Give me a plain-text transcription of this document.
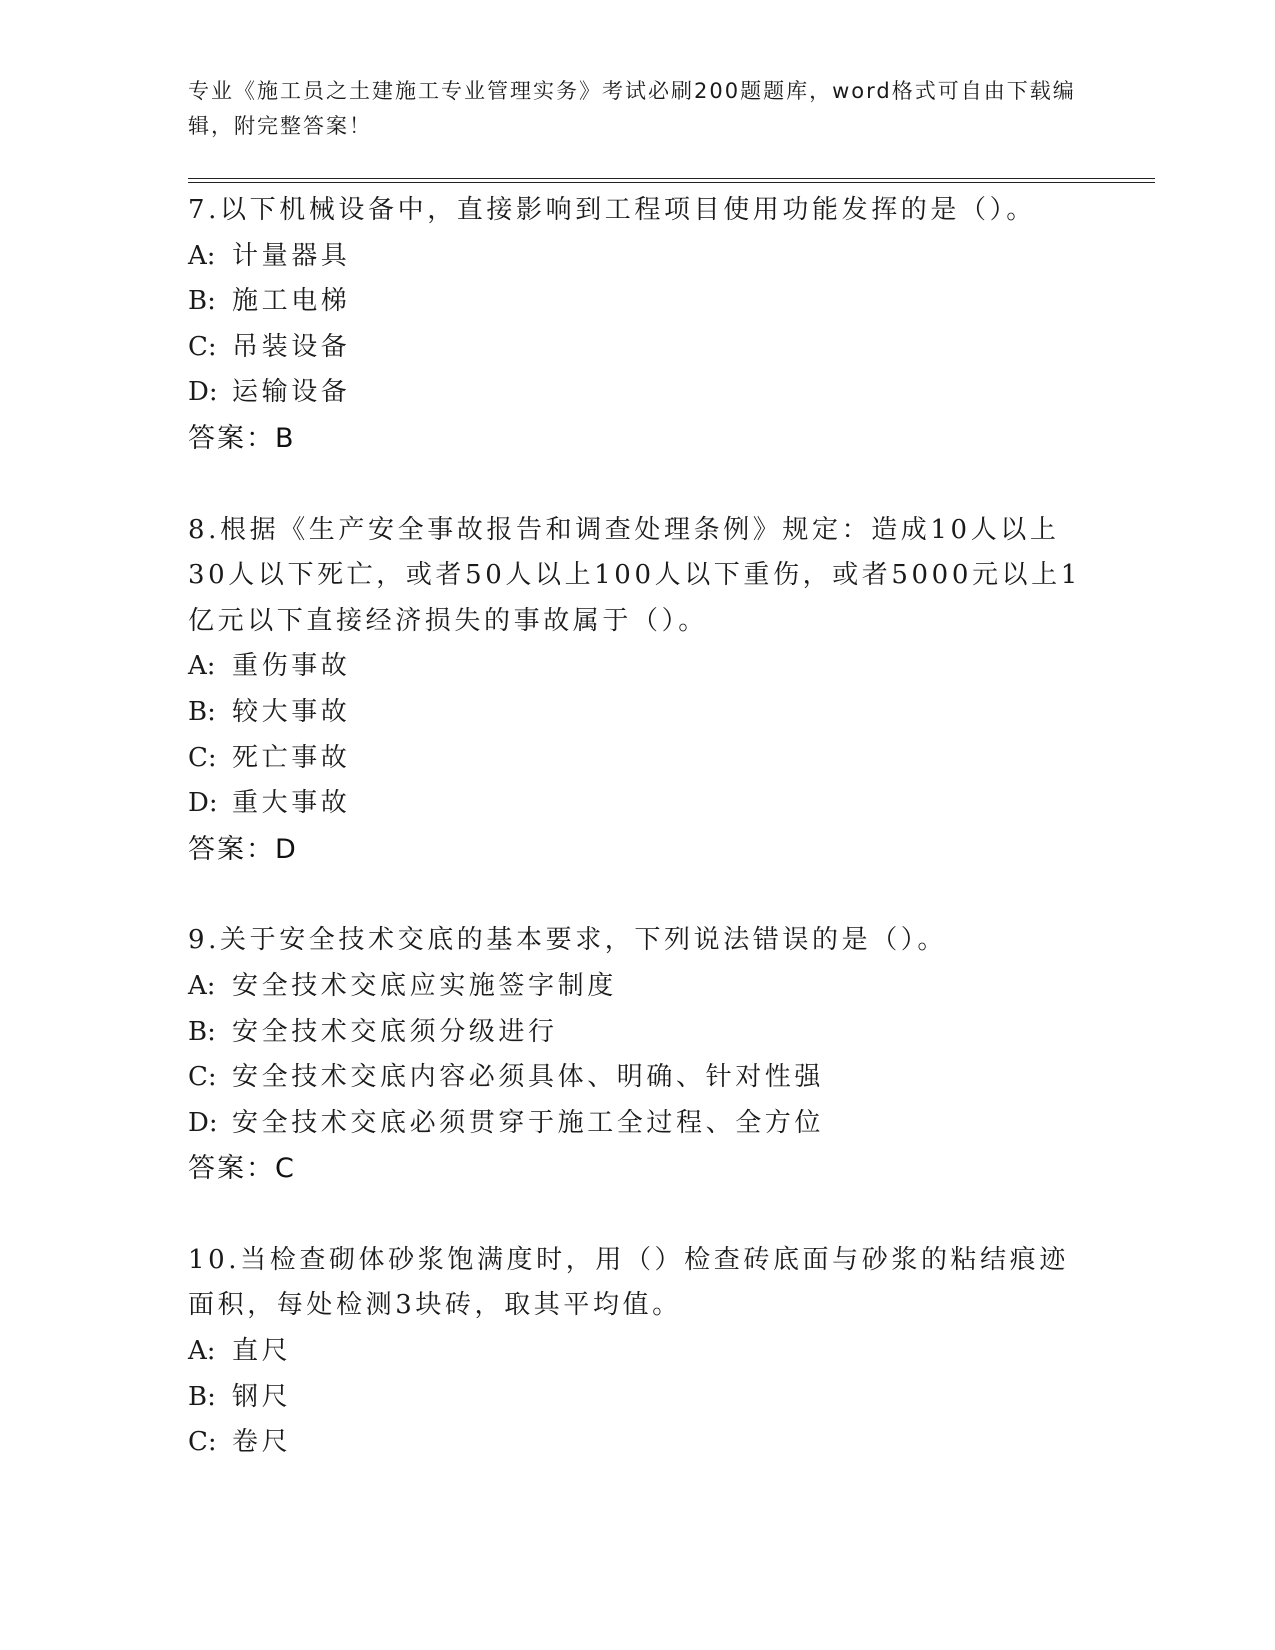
专业《施工员之土建施工专业管理实务》考试必刷200题题库，word格式可自由下载编辑，附完整答案！

7.以下机械设备中，直接影响到工程项目使用功能发挥的是（）。

A: 计量器具

B: 施工电梯

C: 吊装设备

D: 运输设备

答案：B

8.根据《生产安全事故报告和调查处理条例》规定：造成10人以上30人以下死亡，或者50人以上100人以下重伤，或者5000元以上1亿元以下直接经济损失的事故属于（）。

A: 重伤事故

B: 较大事故

C: 死亡事故

D: 重大事故

答案：D

9.关于安全技术交底的基本要求，下列说法错误的是（）。

A: 安全技术交底应实施签字制度

B: 安全技术交底须分级进行

C: 安全技术交底内容必须具体、明确、针对性强

D: 安全技术交底必须贯穿于施工全过程、全方位

答案：C

10.当检查砌体砂浆饱满度时，用（）检查砖底面与砂浆的粘结痕迹面积，每处检测3块砖，取其平均值。

A: 直尺

B: 钢尺

C: 卷尺
